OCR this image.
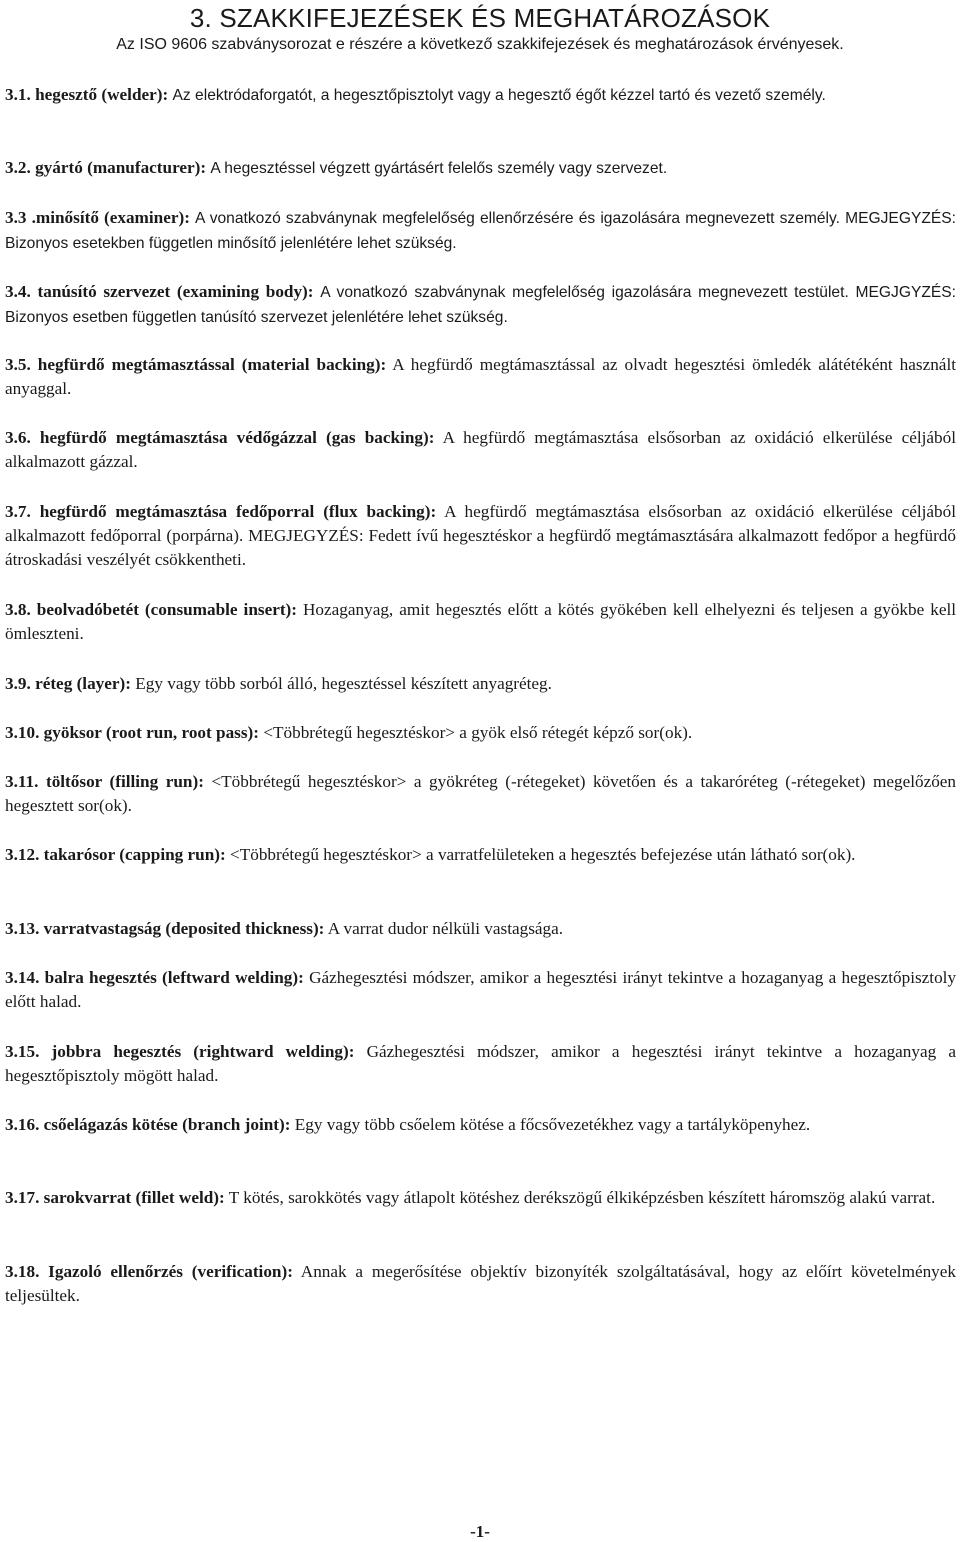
3. SZAKKIFEJEZÉSEK ÉS MEGHATÁROZÁSOK

Az ISO 9606 szabványsorozat e részére a következő szakkifejezések és meghatározások érvényesek.

3.1. hegesztő (welder): Az elektródaforgatót, a hegesztőpisztolyt vagy a hegesztő égőt kézzel tartó és vezető személy.

3.2. gyártó (manufacturer): A hegesztéssel végzett gyártásért felelős személy vagy szervezet.

3.3 .minősítő (examiner): A vonatkozó szabványnak megfelelőség ellenőrzésére és igazolására megnevezett személy. MEGJEGYZÉS: Bizonyos esetekben független minősítő jelenlétére lehet szükség.

3.4. tanúsító szervezet (examining body): A vonatkozó szabványnak megfelelőség igazolására megnevezett testület. MEGJGYZÉS: Bizonyos esetben független tanúsító szervezet jelenlétére lehet szükség.

3.5. hegfürdő megtámasztással (material backing): A hegfürdő megtámasztással az olvadt hegesztési ömledék alátétéként használt anyaggal.

3.6. hegfürdő megtámasztása védőgázzal (gas backing): A hegfürdő megtámasztása elsősorban az oxidáció elkerülése céljából alkalmazott gázzal.

3.7. hegfürdő megtámasztása fedőporral (flux backing): A hegfürdő megtámasztása elsősorban az oxidáció elkerülése céljából alkalmazott fedőporral (porpárna). MEGJEGYZÉS: Fedett ívű hegesztéskor a hegfürdő megtámasztására alkalmazott fedőpor a hegfürdő átroskadási veszélyét csökkentheti.

3.8. beolvadóbetét (consumable insert): Hozaganyag, amit hegesztés előtt a kötés gyökében kell elhelyezni és teljesen a gyökbe kell ömleszteni.

3.9. réteg (layer): Egy vagy több sorból álló, hegesztéssel készített anyagréteg.

3.10. gyöksor (root run, root pass): <Többrétegű hegesztéskor> a gyök első rétegét képző sor(ok).

3.11. töltősor (filling run): <Többrétegű hegesztéskor> a gyökréteg (-rétegeket) követően és a takaróréteg (-rétegeket) megelőzően hegesztett sor(ok).

3.12. takarósor (capping run): <Többrétegű hegesztéskor> a varratfelületeken a hegesztés befejezése után látható sor(ok).

3.13. varratvastagság (deposited thickness): A varrat dudor nélküli vastagsága.

3.14. balra hegesztés (leftward welding): Gázhegesztési módszer, amikor a hegesztési irányt tekintve a hozaganyag a hegesztőpisztoly előtt halad.

3.15. jobbra hegesztés (rightward welding): Gázhegesztési módszer, amikor a hegesztési irányt tekintve a hozaganyag a hegesztőpisztoly mögött halad.

3.16. csőelágazás kötése (branch joint): Egy vagy több csőelem kötése a főcsővezetékhez vagy a tartályköpenyhez.

3.17. sarokvarrat (fillet weld): T kötés, sarokkötés vagy átlapolt kötéshez derékszögű élkiképzésben készített háromszög alakú varrat.

3.18. Igazoló ellenőrzés (verification): Annak a megerősítése objektív bizonyíték szolgáltatásával, hogy az előírt követelmények teljesültek.

-1-
